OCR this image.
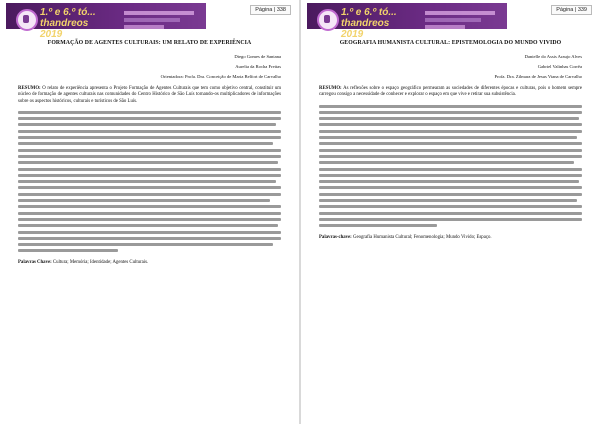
1.º e 6.º tó... thandreos 2019
Página | 338
FORMAÇÃO DE AGENTES CULTURAIS: UM RELATO DE EXPERIÊNCIA
Diego Gomes de Santana
Aurelia da Rocha Freitas
Orientadora: Profa. Dra. Conceição de Maria Belfort de Carvalho
RESUMO: O relato de experiência apresenta o Projeto Formação de Agentes Culturais que tem como objetivo central, constituir um núcleo de formação de agentes culturais nas comunidades do Centro Histórico de São Luís tornando-os multiplicadores de informações sobre os aspectos históricos, culturais e turísticos de São Luís.
Palavras Chave: Cultura; Memória; Identidade; Agentes Culturais.
1.º e 6.º tó... thandreos 2019
Página | 339
GEOGRAFIA HUMANISTA CULTURAL: EPISTEMOLOGIA DO MUNDO VIVIDO
Danielle do Assis Araujo Alves
Gabriel Valinhas Corrêa
Profa. Dra. Zilmara de Jesus Viana de Carvalho
RESUMO: As reflexões sobre o espaço geográfico permearam as sociedades de diferentes épocas e culturas, pois o homem sempre carregou consigo a necessidade de conhecer e explorar o espaço em que vive e retirar sua subsistência.
Palavras-chave: Geografia Humanista Cultural; Fenomenologia; Mundo Vivido; Espaço.
